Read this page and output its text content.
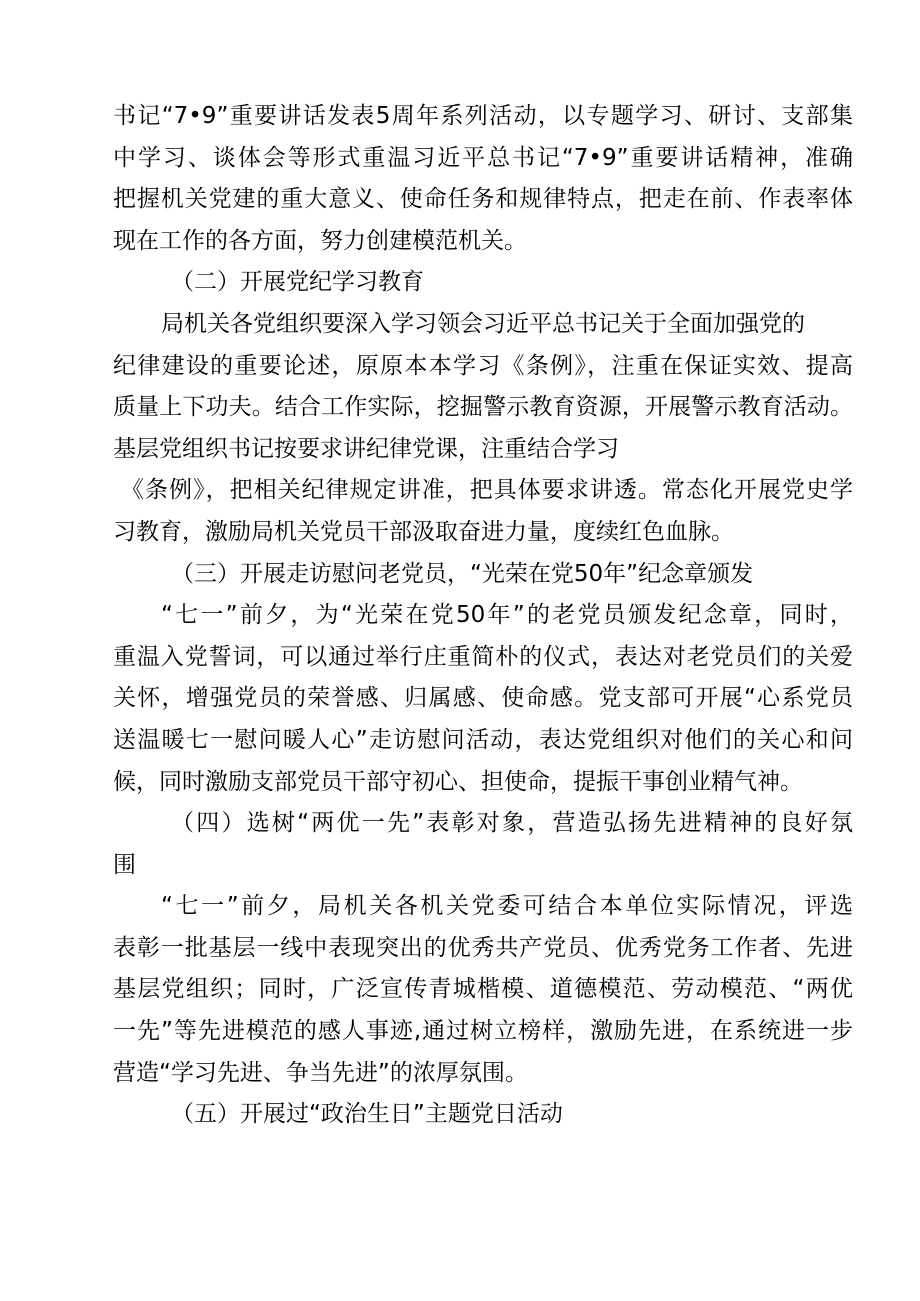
书记“7•9”重要讲话发表5周年系列活动，以专题学习、研讨、支部集
中学习、谈体会等形式重温习近平总书记“7•9”重要讲话精神，准确
把握机关党建的重大意义、使命任务和规律特点，把走在前、作表率体
现在工作的各方面，努力创建模范机关。
（二）开展党纪学习教育
局机关各党组织要深入学习领会习近平总书记关于全面加强党的
纪律建设的重要论述，原原本本学习《条例》，注重在保证实效、提高
质量上下功夫。结合工作实际，挖掘警示教育资源，开展警示教育活动。
基层党组织书记按要求讲纪律党课，注重结合学习
《条例》，把相关纪律规定讲准，把具体要求讲透。常态化开展党史学
习教育，激励局机关党员干部汲取奋进力量，度续红色血脉。
（三）开展走访慰问老党员，“光荣在党50年”纪念章颁发
“七一”前夕，为“光荣在党50年”的老党员颁发纪念章，同时，
重温入党誓词，可以通过举行庄重简朴的仪式，表达对老党员们的关爱
关怀，增强党员的荣誉感、归属感、使命感。党支部可开展“心系党员
送温暖七一慰问暖人心”走访慰问活动，表达党组织对他们的关心和问
候，同时激励支部党员干部守初心、担使命，提振干事创业精气神。
（四）选树“两优一先”表彰对象，营造弘扬先进精神的良好氛
围
“七一”前夕，局机关各机关党委可结合本单位实际情况，评选
表彰一批基层一线中表现突出的优秀共产党员、优秀党务工作者、先进
基层党组织；同时，广泛宣传青城楷模、道德模范、劳动模范、“两优
一先”等先进模范的感人事迹,通过树立榜样，激励先进，在系统进一步
营造“学习先进、争当先进”的浓厚氛围。
（五）开展过“政治生日”主题党日活动
